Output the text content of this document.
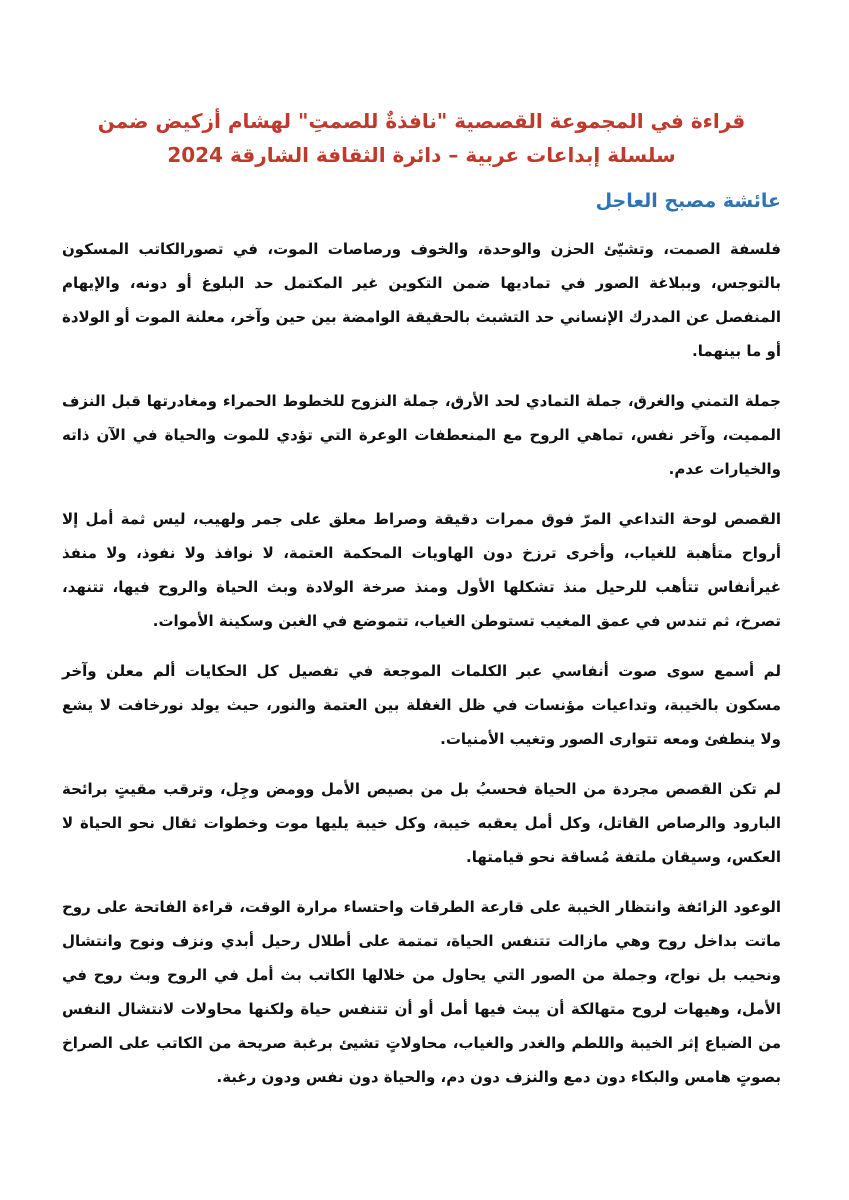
قراءة في المجموعة القصصية "نافذةٌ للصمتِ" لهشام أزكيض ضمن سلسلة إبداعات عربية – دائرة الثقافة الشارقة 2024
عائشة مصبح العاجل

فلسفة الصمت، وتشيّئ الحزن والوحدة، والخوف ورصاصات الموت، في تصورالكاتب المسكون بالتوجس، وببلاغة الصور في تماديها ضمن التكوين غير المكتمل حد البلوغ أو دونه، والإيهام المنفصل عن المدرك الإنساني حد التشبث بالحقيقة الوامضة بين حين وآخر، معلنة الموت أو الولادة أو ما بينهما.

جملة التمني والغرق، جملة التمادي لحد الأرق، جملة النزوح للخطوط الحمراء ومغادرتها قبل النزف المميت، وآخر نفس، تماهي الروح مع المنعطفات الوعرة التي تؤدي للموت والحياة في الآن ذاته والخيارات عدم.

القصص لوحة التداعي المرّ فوق ممرات دقيقة وصراط معلق على جمر ولهيب، ليس ثمة أمل إلا أرواح متأهبة للغياب، وأخرى ترزخ دون الهاويات المحكمة العتمة، لا نوافذ ولا نفوذ، ولا منفذ غيرأنفاس تتأهب للرحيل منذ تشكلها الأول ومنذ صرخة الولادة وبث الحياة والروح فيها، تتنهد، تصرخ، ثم تندس في عمق المغيب تستوطن الغياب، تتموضع في الغبن وسكينة الأموات.

لم أسمع سوى صوت أنفاسي عبر الكلمات الموجعة في تفصيل كل الحكايات ألم معلن وآخر مسكون بالخيبة، وتداعيات مؤنسات في ظل الغفلة بين العتمة والنور، حيث يولد نورخافت لا يشع ولا ينطفئ ومعه تتوارى الصور وتغيب الأمنيات.

لم تكن القصص مجردة من الحياة فحسبُ بل من بصيص الأمل وومض وجِل، وترقب مقيتٍ برائحة البارود والرصاص القاتل، وكل أمل يعقبه خيبة، وكل خيبة يليها موت وخطوات ثقال نحو الحياة لا العكس، وسيقان ملتفة مُساقة نحو قيامتها.

الوعود الزائفة وانتظار الخيبة على قارعة الطرقات واحتساء مرارة الوقت، قراءة الفاتحة على روح ماتت بداخل روح وهي مازالت تتنفس الحياة، تمتمة على أطلال رحيل أبدي ونزف ونوح وانتشال ونحيب بل نواح، وجملة من الصور التي يحاول من خلالها الكاتب بث أمل في الروح وبث روح في الأمل، وهيهات لروح متهالكة أن يبث فيها أمل أو أن تتنفس حياة ولكنها محاولات لانتشال النفس من الضياع إثر الخيبة واللطم والغدر والغياب، محاولاتٍ تشيئ برغبة صريحة من الكاتب على الصراخ بصوتٍ هامس والبكاء دون دمع والنزف دون دم، والحياة دون نفس ودون رغبة.
